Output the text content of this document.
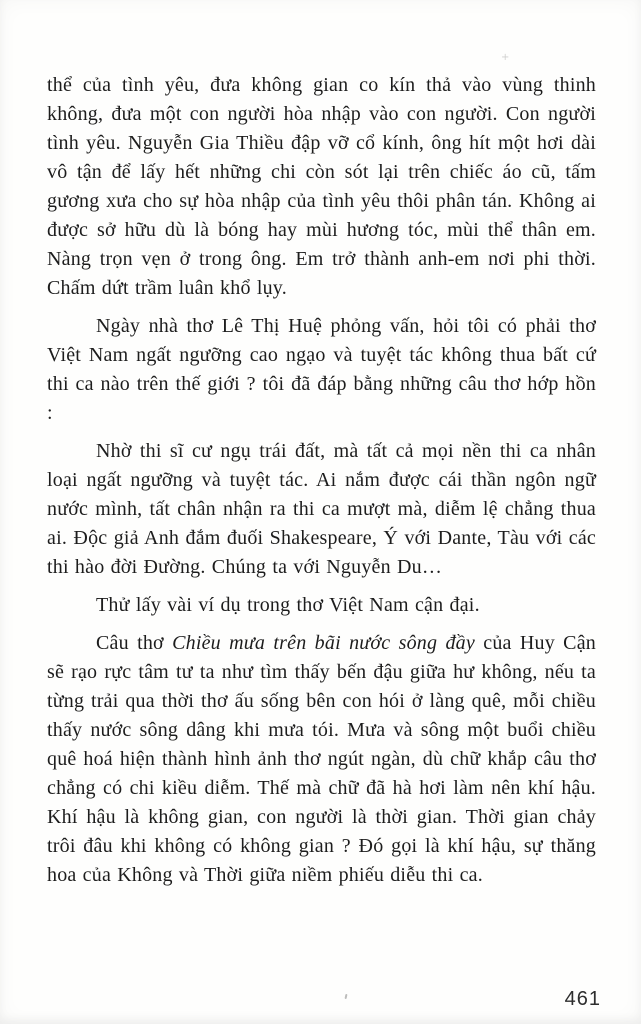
+

thể của tình yêu, đưa không gian co kín thả vào vùng thinh không, đưa một con người hòa nhập vào con người. Con người tình yêu. Nguyễn Gia Thiều đập vỡ cổ kính, ông hít một hơi dài vô tận để lấy hết những chi còn sót lại trên chiếc áo cũ, tấm gương xưa cho sự hòa nhập của tình yêu thôi phân tán. Không ai được sở hữu dù là bóng hay mùi hương tóc, mùi thể thân em. Nàng trọn vẹn ở trong ông. Em trở thành anh-em nơi phi thời. Chấm dứt trầm luân khổ lụy.

Ngày nhà thơ Lê Thị Huệ phỏng vấn, hỏi tôi có phải thơ Việt Nam ngất ngưỡng cao ngạo và tuyệt tác không thua bất cứ thi ca nào trên thế giới ? tôi đã đáp bằng những câu thơ hớp hồn :

Nhờ thi sĩ cư ngụ trái đất, mà tất cả mọi nền thi ca nhân loại ngất ngưỡng và tuyệt tác. Ai nắm được cái thần ngôn ngữ nước mình, tất chân nhận ra thi ca mượt mà, diễm lệ chẳng thua ai. Độc giả Anh đắm đuối Shakespeare, Ý với Dante, Tàu với các thi hào đời Đường. Chúng ta với Nguyễn Du…

Thử lấy vài ví dụ trong thơ Việt Nam cận đại.

Câu thơ Chiều mưa trên bãi nước sông đầy của Huy Cận sẽ rạo rực tâm tư ta như tìm thấy bến đậu giữa hư không, nếu ta từng trải qua thời thơ ấu sống bên con hói ở làng quê, mỗi chiều thấy nước sông dâng khi mưa tói. Mưa và sông một buổi chiều quê hoá hiện thành hình ảnh thơ ngút ngàn, dù chữ khắp câu thơ chẳng có chi kiều diễm. Thế mà chữ đã hà hơi làm nên khí hậu. Khí hậu là không gian, con người là thời gian. Thời gian chảy trôi đâu khi không có không gian ? Đó gọi là khí hậu, sự thăng hoa của Không và Thời giữa niềm phiếu diễu thi ca.

461
